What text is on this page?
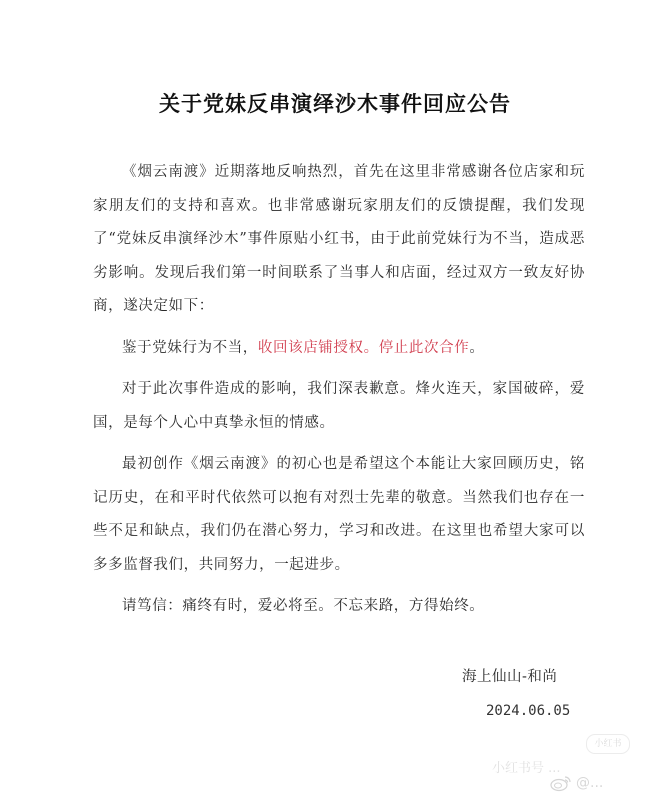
关于党妹反串演绎沙木事件回应公告

《烟云南渡》近期落地反响热烈，首先在这里非常感谢各位店家和玩家朋友们的支持和喜欢。也非常感谢玩家朋友们的反馈提醒，我们发现了“党妹反串演绎沙木”事件原贴小红书，由于此前党妹行为不当，造成恶劣影响。发现后我们第一时间联系了当事人和店面，经过双方一致友好协商，遂决定如下：

鉴于党妹行为不当，收回该店铺授权。停止此次合作。

对于此次事件造成的影响，我们深表歉意。烽火连天，家国破碎，爱国，是每个人心中真挚永恒的情感。

最初创作《烟云南渡》的初心也是希望这个本能让大家回顾历史，铭记历史，在和平时代依然可以抱有对烈士先辈的敬意。当然我们也存在一些不足和缺点，我们仍在潜心努力，学习和改进。在这里也希望大家可以多多监督我们，共同努力，一起进步。

请笃信：痛终有时，爱必将至。不忘来路，方得始终。

海上仙山-和尚
2024.06.05
小红书
小红书号 ...
@...
